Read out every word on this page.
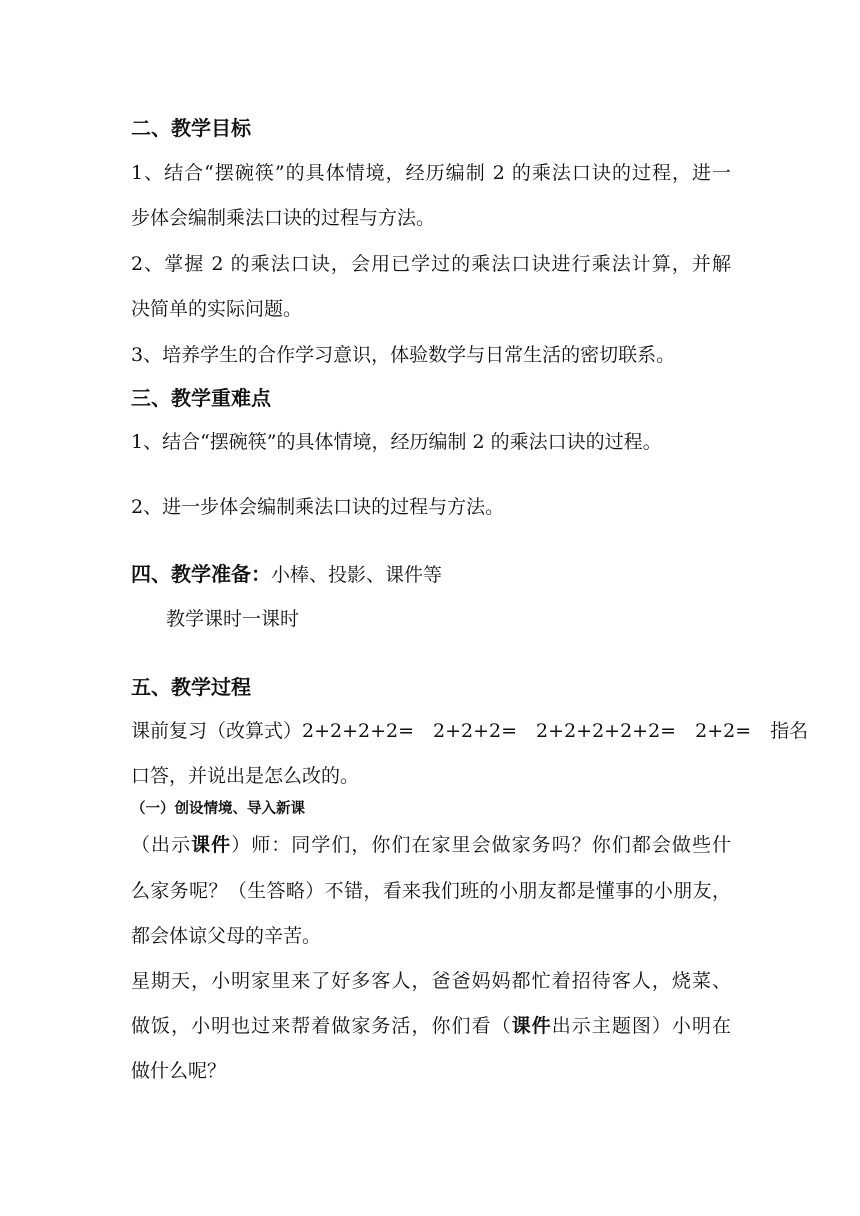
二、教学目标
1、结合“摆碗筷”的具体情境，经历编制 2 的乘法口诀的过程，进一
步体会编制乘法口诀的过程与方法。
2、掌握 2 的乘法口诀，会用已学过的乘法口诀进行乘法计算，并解
决简单的实际问题。
3、培养学生的合作学习意识，体验数学与日常生活的密切联系。
三、教学重难点
1、结合“摆碗筷”的具体情境，经历编制 2 的乘法口诀的过程。
2、进一步体会编制乘法口诀的过程与方法。
四、教学准备：小棒、投影、课件等
教学课时一课时
五、教学过程
课前复习（改算式）2+2+2+2=　2+2+2=　2+2+2+2+2=　2+2=　指名
口答，并说出是怎么改的。
（一）创设情境、导入新课
（出示课件）师：同学们，你们在家里会做家务吗？你们都会做些什
么家务呢？（生答略）不错，看来我们班的小朋友都是懂事的小朋友，
都会体谅父母的辛苦。
星期天，小明家里来了好多客人，爸爸妈妈都忙着招待客人，烧菜、
做饭，小明也过来帮着做家务活，你们看（课件出示主题图）小明在
做什么呢？
